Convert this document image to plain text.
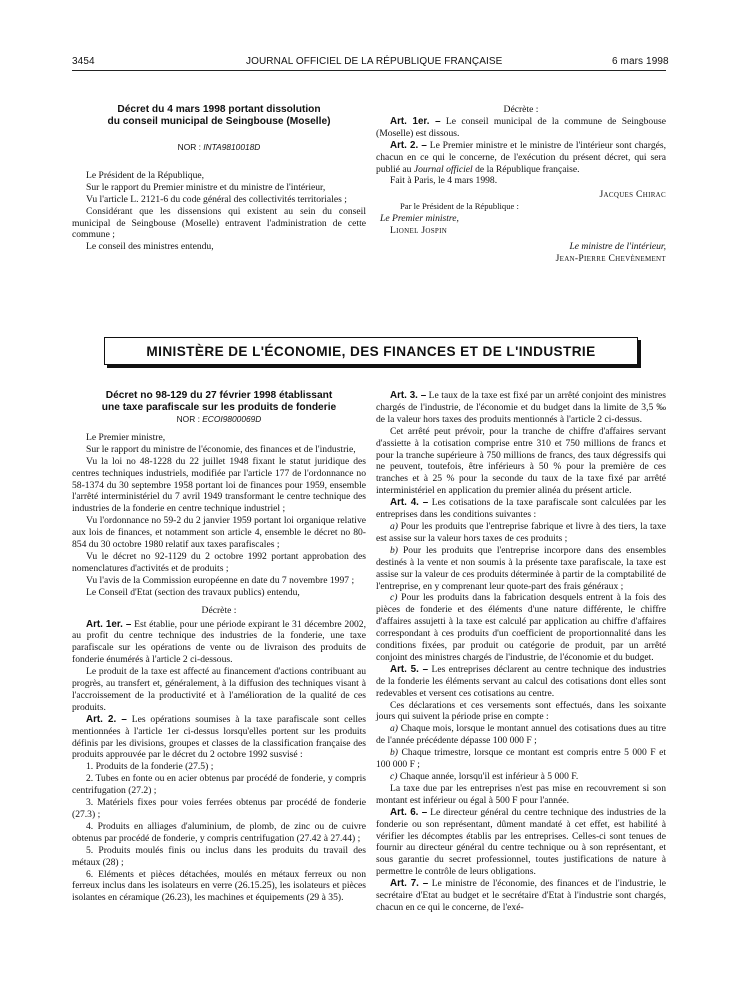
3454	JOURNAL OFFICIEL DE LA RÉPUBLIQUE FRANÇAISE	6 mars 1998

Décret du 4 mars 1998 portant dissolution

du conseil municipal de Seingbouse (Moselle)

NOR : INTA9810018D

Le Président de la République,

Sur le rapport du Premier ministre et du ministre de l'intérieur,

Vu l'article L. 2121-6 du code général des collectivités territoriales ;

Considérant que les dissensions qui existent au sein du conseil municipal de Seingbouse (Moselle) entravent l'administration de cette commune ;

Le conseil des ministres entendu,

Décrète :

Art. 1er. – Le conseil municipal de la commune de Seingbouse (Moselle) est dissous.

Art. 2. – Le Premier ministre et le ministre de l'intérieur sont chargés, chacun en ce qui le concerne, de l'exécution du présent décret, qui sera publié au Journal officiel de la République française.

Fait à Paris, le 4 mars 1998.

Jacques Chirac

Par le Président de la République :

Le Premier ministre,

Lionel Jospin

Le ministre de l'intérieur,

Jean-Pierre Chevènement

MINISTÈRE DE L'ÉCONOMIE, DES FINANCES ET DE L'INDUSTRIE

Décret no 98-129 du 27 février 1998 établissant

une taxe parafiscale sur les produits de fonderie

NOR : ECOI9800069D

Le Premier ministre,

Sur le rapport du ministre de l'économie, des finances et de l'industrie,

Vu la loi no 48-1228 du 22 juillet 1948 fixant le statut juridique des centres techniques industriels, modifiée par l'article 177 de l'ordonnance no 58-1374 du 30 septembre 1958 portant loi de finances pour 1959, ensemble l'arrêté interministériel du 7 avril 1949 transformant le centre technique des industries de la fonderie en centre technique industriel ;

Vu l'ordonnance no 59-2 du 2 janvier 1959 portant loi organique relative aux lois de finances, et notamment son article 4, ensemble le décret no 80-854 du 30 octobre 1980 relatif aux taxes parafiscales ;

Vu le décret no 92-1129 du 2 octobre 1992 portant approbation des nomenclatures d'activités et de produits ;

Vu l'avis de la Commission européenne en date du 7 novembre 1997 ;

Le Conseil d'Etat (section des travaux publics) entendu,

Décrète :

Art. 1er. – Est établie, pour une période expirant le 31 décembre 2002, au profit du centre technique des industries de la fonderie, une taxe parafiscale sur les opérations de vente ou de livraison des produits de fonderie énumérés à l'article 2 ci-dessous.

Le produit de la taxe est affecté au financement d'actions contribuant au progrès, au transfert et, généralement, à la diffusion des techniques visant à l'accroissement de la productivité et à l'amélioration de la qualité de ces produits.

Art. 2. – Les opérations soumises à la taxe parafiscale sont celles mentionnées à l'article 1er ci-dessus lorsqu'elles portent sur les produits définis par les divisions, groupes et classes de la classification française des produits approuvée par le décret du 2 octobre 1992 susvisé :

1. Produits de la fonderie (27.5) ;

2. Tubes en fonte ou en acier obtenus par procédé de fonderie, y compris centrifugation (27.2) ;

3. Matériels fixes pour voies ferrées obtenus par procédé de fonderie (27.3) ;

4. Produits en alliages d'aluminium, de plomb, de zinc ou de cuivre obtenus par procédé de fonderie, y compris centrifugation (27.42 à 27.44) ;

5. Produits moulés finis ou inclus dans les produits du travail des métaux (28) ;

6. Eléments et pièces détachées, moulés en métaux ferreux ou non ferreux inclus dans les isolateurs en verre (26.15.25), les isolateurs et pièces isolantes en céramique (26.23), les machines et équipements (29 à 35).

Art. 3. – Le taux de la taxe est fixé par un arrêté conjoint des ministres chargés de l'industrie, de l'économie et du budget dans la limite de 3,5 ‰ de la valeur hors taxes des produits mentionnés à l'article 2 ci-dessus.

Cet arrêté peut prévoir, pour la tranche de chiffre d'affaires servant d'assiette à la cotisation comprise entre 310 et 750 millions de francs et pour la tranche supérieure à 750 millions de francs, des taux dégressifs qui ne peuvent, toutefois, être inférieurs à 50 % pour la première de ces tranches et à 25 % pour la seconde du taux de la taxe fixé par arrêté interministériel en application du premier alinéa du présent article.

Art. 4. – Les cotisations de la taxe parafiscale sont calculées par les entreprises dans les conditions suivantes :

a) Pour les produits que l'entreprise fabrique et livre à des tiers, la taxe est assise sur la valeur hors taxes de ces produits ;

b) Pour les produits que l'entreprise incorpore dans des ensembles destinés à la vente et non soumis à la présente taxe parafiscale, la taxe est assise sur la valeur de ces produits déterminée à partir de la comptabilité de l'entreprise, en y comprenant leur quote-part des frais généraux ;

c) Pour les produits dans la fabrication desquels entrent à la fois des pièces de fonderie et des éléments d'une nature différente, le chiffre d'affaires assujetti à la taxe est calculé par application au chiffre d'affaires correspondant à ces produits d'un coefficient de proportionnalité dans les conditions fixées, par produit ou catégorie de produit, par un arrêté conjoint des ministres chargés de l'industrie, de l'économie et du budget.

Art. 5. – Les entreprises déclarent au centre technique des industries de la fonderie les éléments servant au calcul des cotisations dont elles sont redevables et versent ces cotisations au centre.

Ces déclarations et ces versements sont effectués, dans les soixante jours qui suivent la période prise en compte :

a) Chaque mois, lorsque le montant annuel des cotisations dues au titre de l'année précédente dépasse 100 000 F ;

b) Chaque trimestre, lorsque ce montant est compris entre 5 000 F et 100 000 F ;

c) Chaque année, lorsqu'il est inférieur à 5 000 F.

La taxe due par les entreprises n'est pas mise en recouvrement si son montant est inférieur ou égal à 500 F pour l'année.

Art. 6. – Le directeur général du centre technique des industries de la fonderie ou son représentant, dûment mandaté à cet effet, est habilité à vérifier les décomptes établis par les entreprises. Celles-ci sont tenues de fournir au directeur général du centre technique ou à son représentant, et sous garantie du secret professionnel, toutes justifications de nature à permettre le contrôle de leurs obligations.

Art. 7. – Le ministre de l'économie, des finances et de l'industrie, le secrétaire d'Etat au budget et le secrétaire d'Etat à l'industrie sont chargés, chacun en ce qui le concerne, de l'exé-
